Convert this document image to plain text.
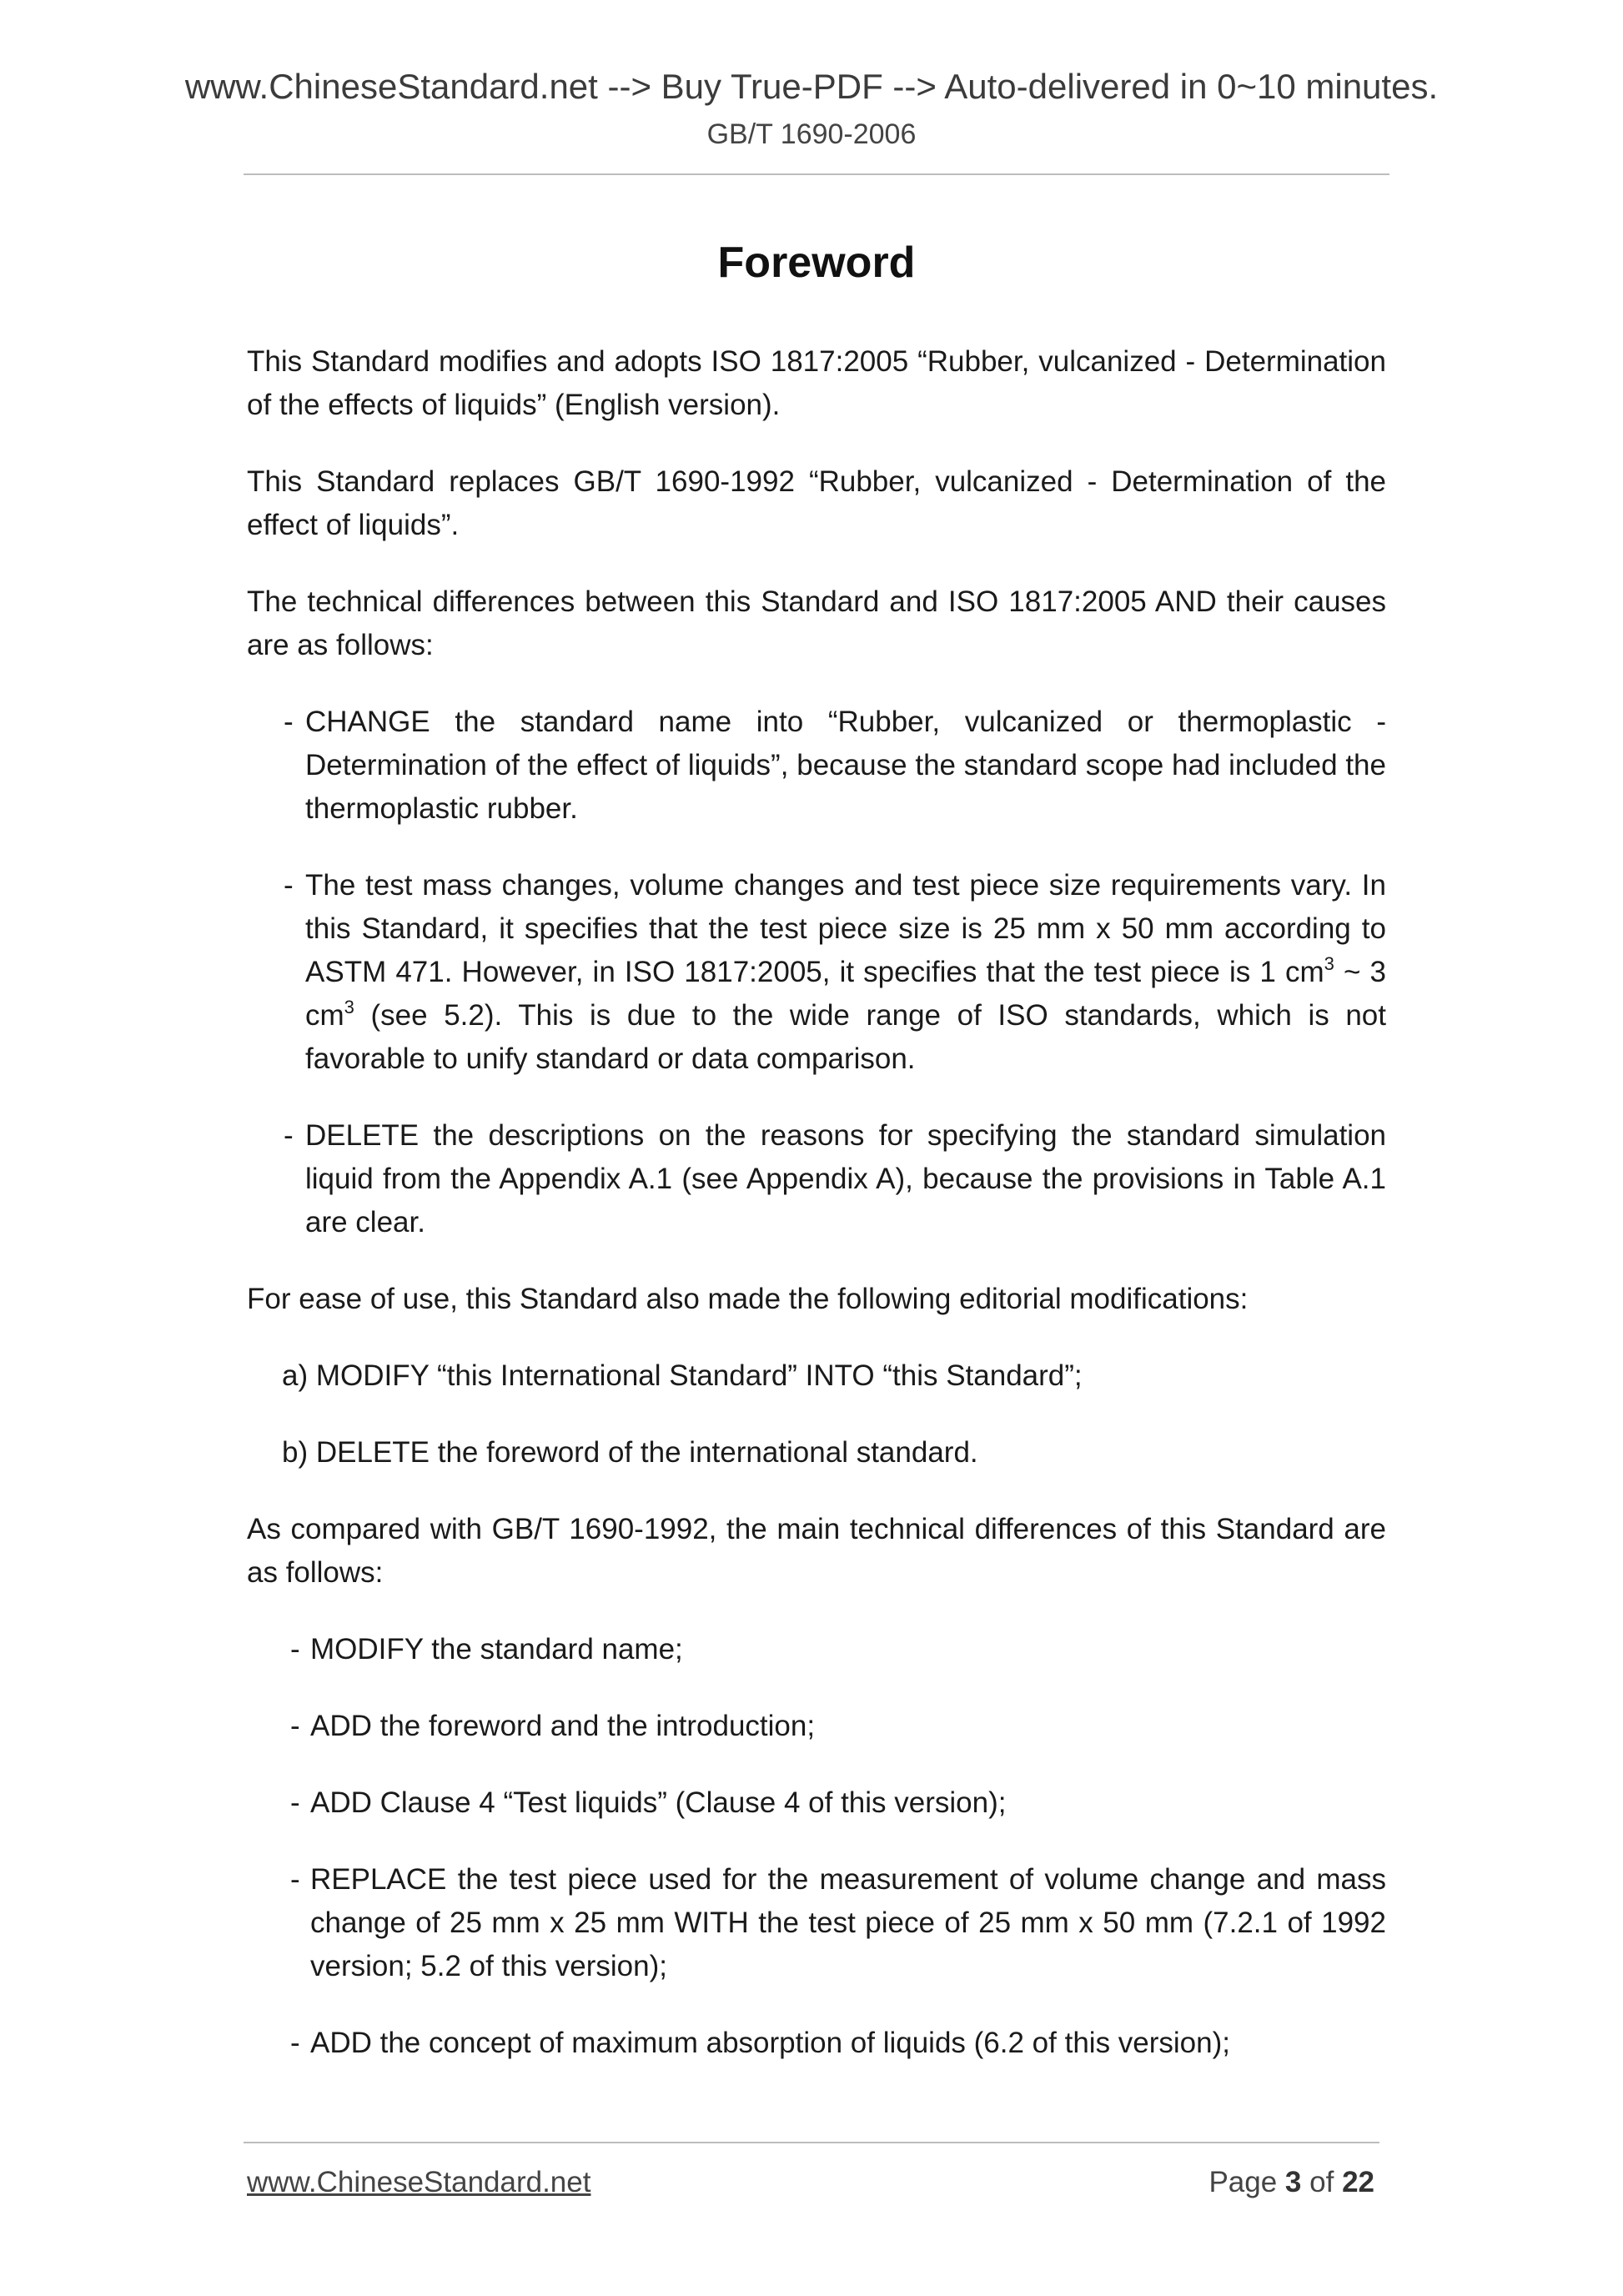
www.ChineseStandard.net --> Buy True-PDF --> Auto-delivered in 0~10 minutes.
GB/T 1690-2006
Foreword

This Standard modifies and adopts ISO 1817:2005 “Rubber, vulcanized - Determination of the effects of liquids” (English version).

This Standard replaces GB/T 1690-1992 “Rubber, vulcanized - Determination of the effect of liquids”.

The technical differences between this Standard and ISO 1817:2005 AND their causes are as follows:

- CHANGE the standard name into “Rubber, vulcanized or thermoplastic - Determination of the effect of liquids”, because the standard scope had included the thermoplastic rubber.
- The test mass changes, volume changes and test piece size requirements vary. In this Standard, it specifies that the test piece size is 25 mm x 50 mm according to ASTM 471. However, in ISO 1817:2005, it specifies that the test piece is 1 $cm^3$ ~ 3 $cm^3$ (see 5.2). This is due to the wide range of ISO standards, which is not favorable to unify standard or data comparison.
- DELETE the descriptions on the reasons for specifying the standard simulation liquid from the Appendix A.1 (see Appendix A), because the provisions in Table A.1 are clear.

For ease of use, this Standard also made the following editorial modifications:

a) MODIFY “this International Standard” INTO “this Standard”;
b) DELETE the foreword of the international standard.

As compared with GB/T 1690-1992, the main technical differences of this Standard are as follows:

- MODIFY the standard name;
- ADD the foreword and the introduction;
- ADD Clause 4 “Test liquids” (Clause 4 of this version);
- REPLACE the test piece used for the measurement of volume change and mass change of 25 mm x 25 mm WITH the test piece of 25 mm x 50 mm (7.2.1 of 1992 version; 5.2 of this version);
- ADD the concept of maximum absorption of liquids (6.2 of this version);
www.ChineseStandard.net	Page 3 of 22
